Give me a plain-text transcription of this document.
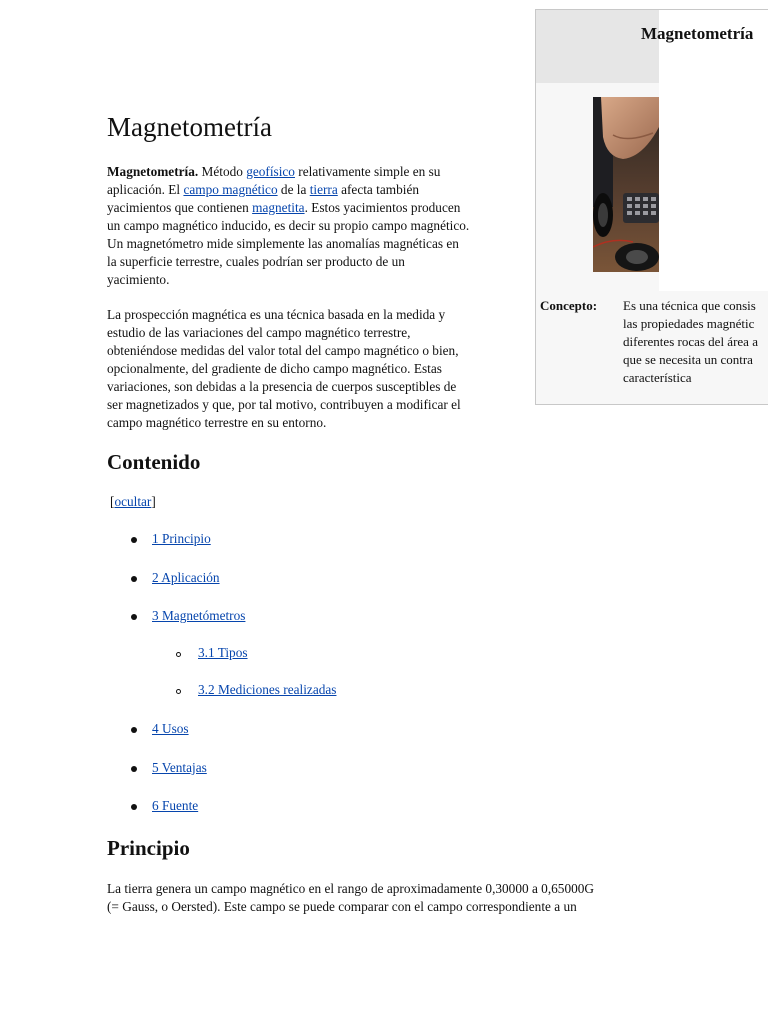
Magnetometría
Concepto: Es una técnica que consis
las propiedades magnétic
diferentes rocas del área a
que se necesita un contra
característica
Magnetometría
Magnetometría. Método geofísico relativamente simple en su
aplicación. El campo magnético de la tierra afecta también
yacimientos que contienen magnetita. Estos yacimientos producen
un campo magnético inducido, es decir su propio campo magnético.
Un magnetómetro mide simplemente las anomalías magnéticas en
la superficie terrestre, cuales podrían ser producto de un
yacimiento.
La prospección magnética es una técnica basada en la medida y
estudio de las variaciones del campo magnético terrestre,
obteniéndose medidas del valor total del campo magnético o bien,
opcionalmente, del gradiente de dicho campo magnético. Estas
variaciones, son debidas a la presencia de cuerpos susceptibles de
ser magnetizados y que, por tal motivo, contribuyen a modificar el
campo magnético terrestre en su entorno.
Contenido
[ocultar]
1 Principio
2 Aplicación
3 Magnetómetros
3.1 Tipos
3.2 Mediciones realizadas
4 Usos
5 Ventajas
6 Fuente
Principio
La tierra genera un campo magnético en el rango de aproximadamente 0,30000 a 0,65000G
(= Gauss, o Oersted). Este campo se puede comparar con el campo correspondiente a un
